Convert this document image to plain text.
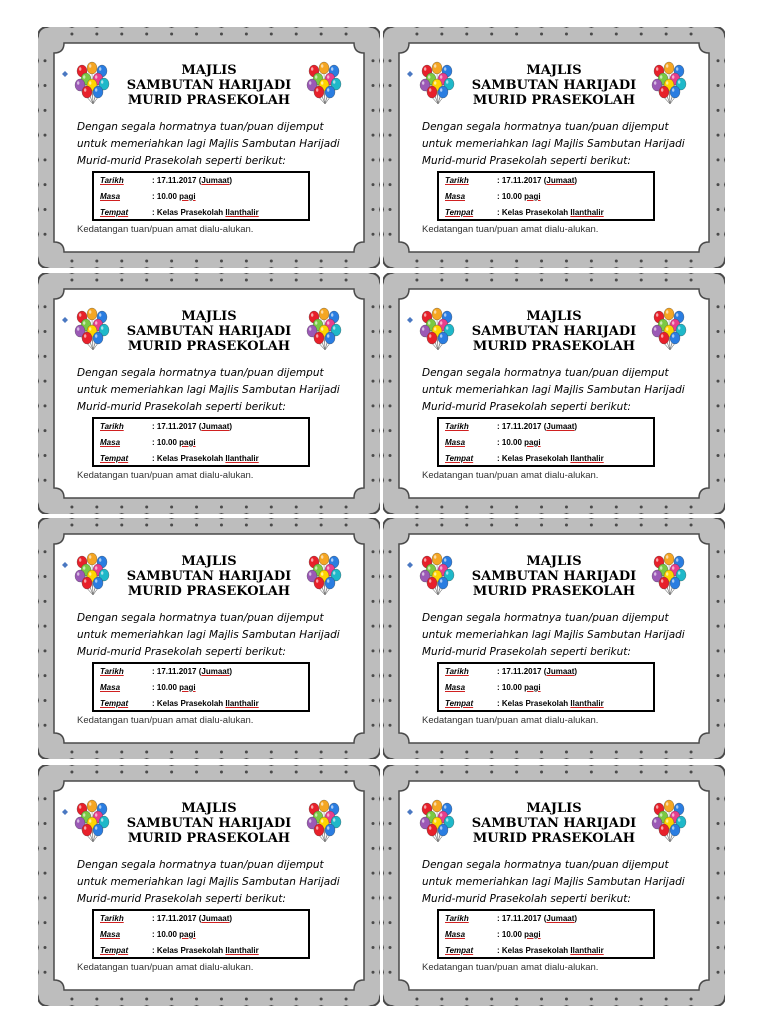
MAJLIS
SAMBUTAN HARIJADI
MURID PRASEKOLAH
Dengan segala hormatnya tuan/puan dijemput
untuk memeriahkan lagi Majlis Sambutan Harijadi
Murid-murid Prasekolah seperti berikut:
Tarikh	: 17.11.2017 (Jumaat)
Masa	: 10.00 pagi
Tempat	: Kelas Prasekolah Ilanthalir
Kedatangan tuan/puan amat dialu-alukan.
MAJLIS
SAMBUTAN HARIJADI
MURID PRASEKOLAH
Dengan segala hormatnya tuan/puan dijemput
untuk memeriahkan lagi Majlis Sambutan Harijadi
Murid-murid Prasekolah seperti berikut:
Tarikh	: 17.11.2017 (Jumaat)
Masa	: 10.00 pagi
Tempat	: Kelas Prasekolah Ilanthalir
Kedatangan tuan/puan amat dialu-alukan.
MAJLIS
SAMBUTAN HARIJADI
MURID PRASEKOLAH
Dengan segala hormatnya tuan/puan dijemput
untuk memeriahkan lagi Majlis Sambutan Harijadi
Murid-murid Prasekolah seperti berikut:
Tarikh	: 17.11.2017 (Jumaat)
Masa	: 10.00 pagi
Tempat	: Kelas Prasekolah Ilanthalir
Kedatangan tuan/puan amat dialu-alukan.
MAJLIS
SAMBUTAN HARIJADI
MURID PRASEKOLAH
Dengan segala hormatnya tuan/puan dijemput
untuk memeriahkan lagi Majlis Sambutan Harijadi
Murid-murid Prasekolah seperti berikut:
Tarikh	: 17.11.2017 (Jumaat)
Masa	: 10.00 pagi
Tempat	: Kelas Prasekolah Ilanthalir
Kedatangan tuan/puan amat dialu-alukan.
MAJLIS
SAMBUTAN HARIJADI
MURID PRASEKOLAH
Dengan segala hormatnya tuan/puan dijemput
untuk memeriahkan lagi Majlis Sambutan Harijadi
Murid-murid Prasekolah seperti berikut:
Tarikh	: 17.11.2017 (Jumaat)
Masa	: 10.00 pagi
Tempat	: Kelas Prasekolah Ilanthalir
Kedatangan tuan/puan amat dialu-alukan.
MAJLIS
SAMBUTAN HARIJADI
MURID PRASEKOLAH
Dengan segala hormatnya tuan/puan dijemput
untuk memeriahkan lagi Majlis Sambutan Harijadi
Murid-murid Prasekolah seperti berikut:
Tarikh	: 17.11.2017 (Jumaat)
Masa	: 10.00 pagi
Tempat	: Kelas Prasekolah Ilanthalir
Kedatangan tuan/puan amat dialu-alukan.
MAJLIS
SAMBUTAN HARIJADI
MURID PRASEKOLAH
Dengan segala hormatnya tuan/puan dijemput
untuk memeriahkan lagi Majlis Sambutan Harijadi
Murid-murid Prasekolah seperti berikut:
Tarikh	: 17.11.2017 (Jumaat)
Masa	: 10.00 pagi
Tempat	: Kelas Prasekolah Ilanthalir
Kedatangan tuan/puan amat dialu-alukan.
MAJLIS
SAMBUTAN HARIJADI
MURID PRASEKOLAH
Dengan segala hormatnya tuan/puan dijemput
untuk memeriahkan lagi Majlis Sambutan Harijadi
Murid-murid Prasekolah seperti berikut:
Tarikh	: 17.11.2017 (Jumaat)
Masa	: 10.00 pagi
Tempat	: Kelas Prasekolah Ilanthalir
Kedatangan tuan/puan amat dialu-alukan.
